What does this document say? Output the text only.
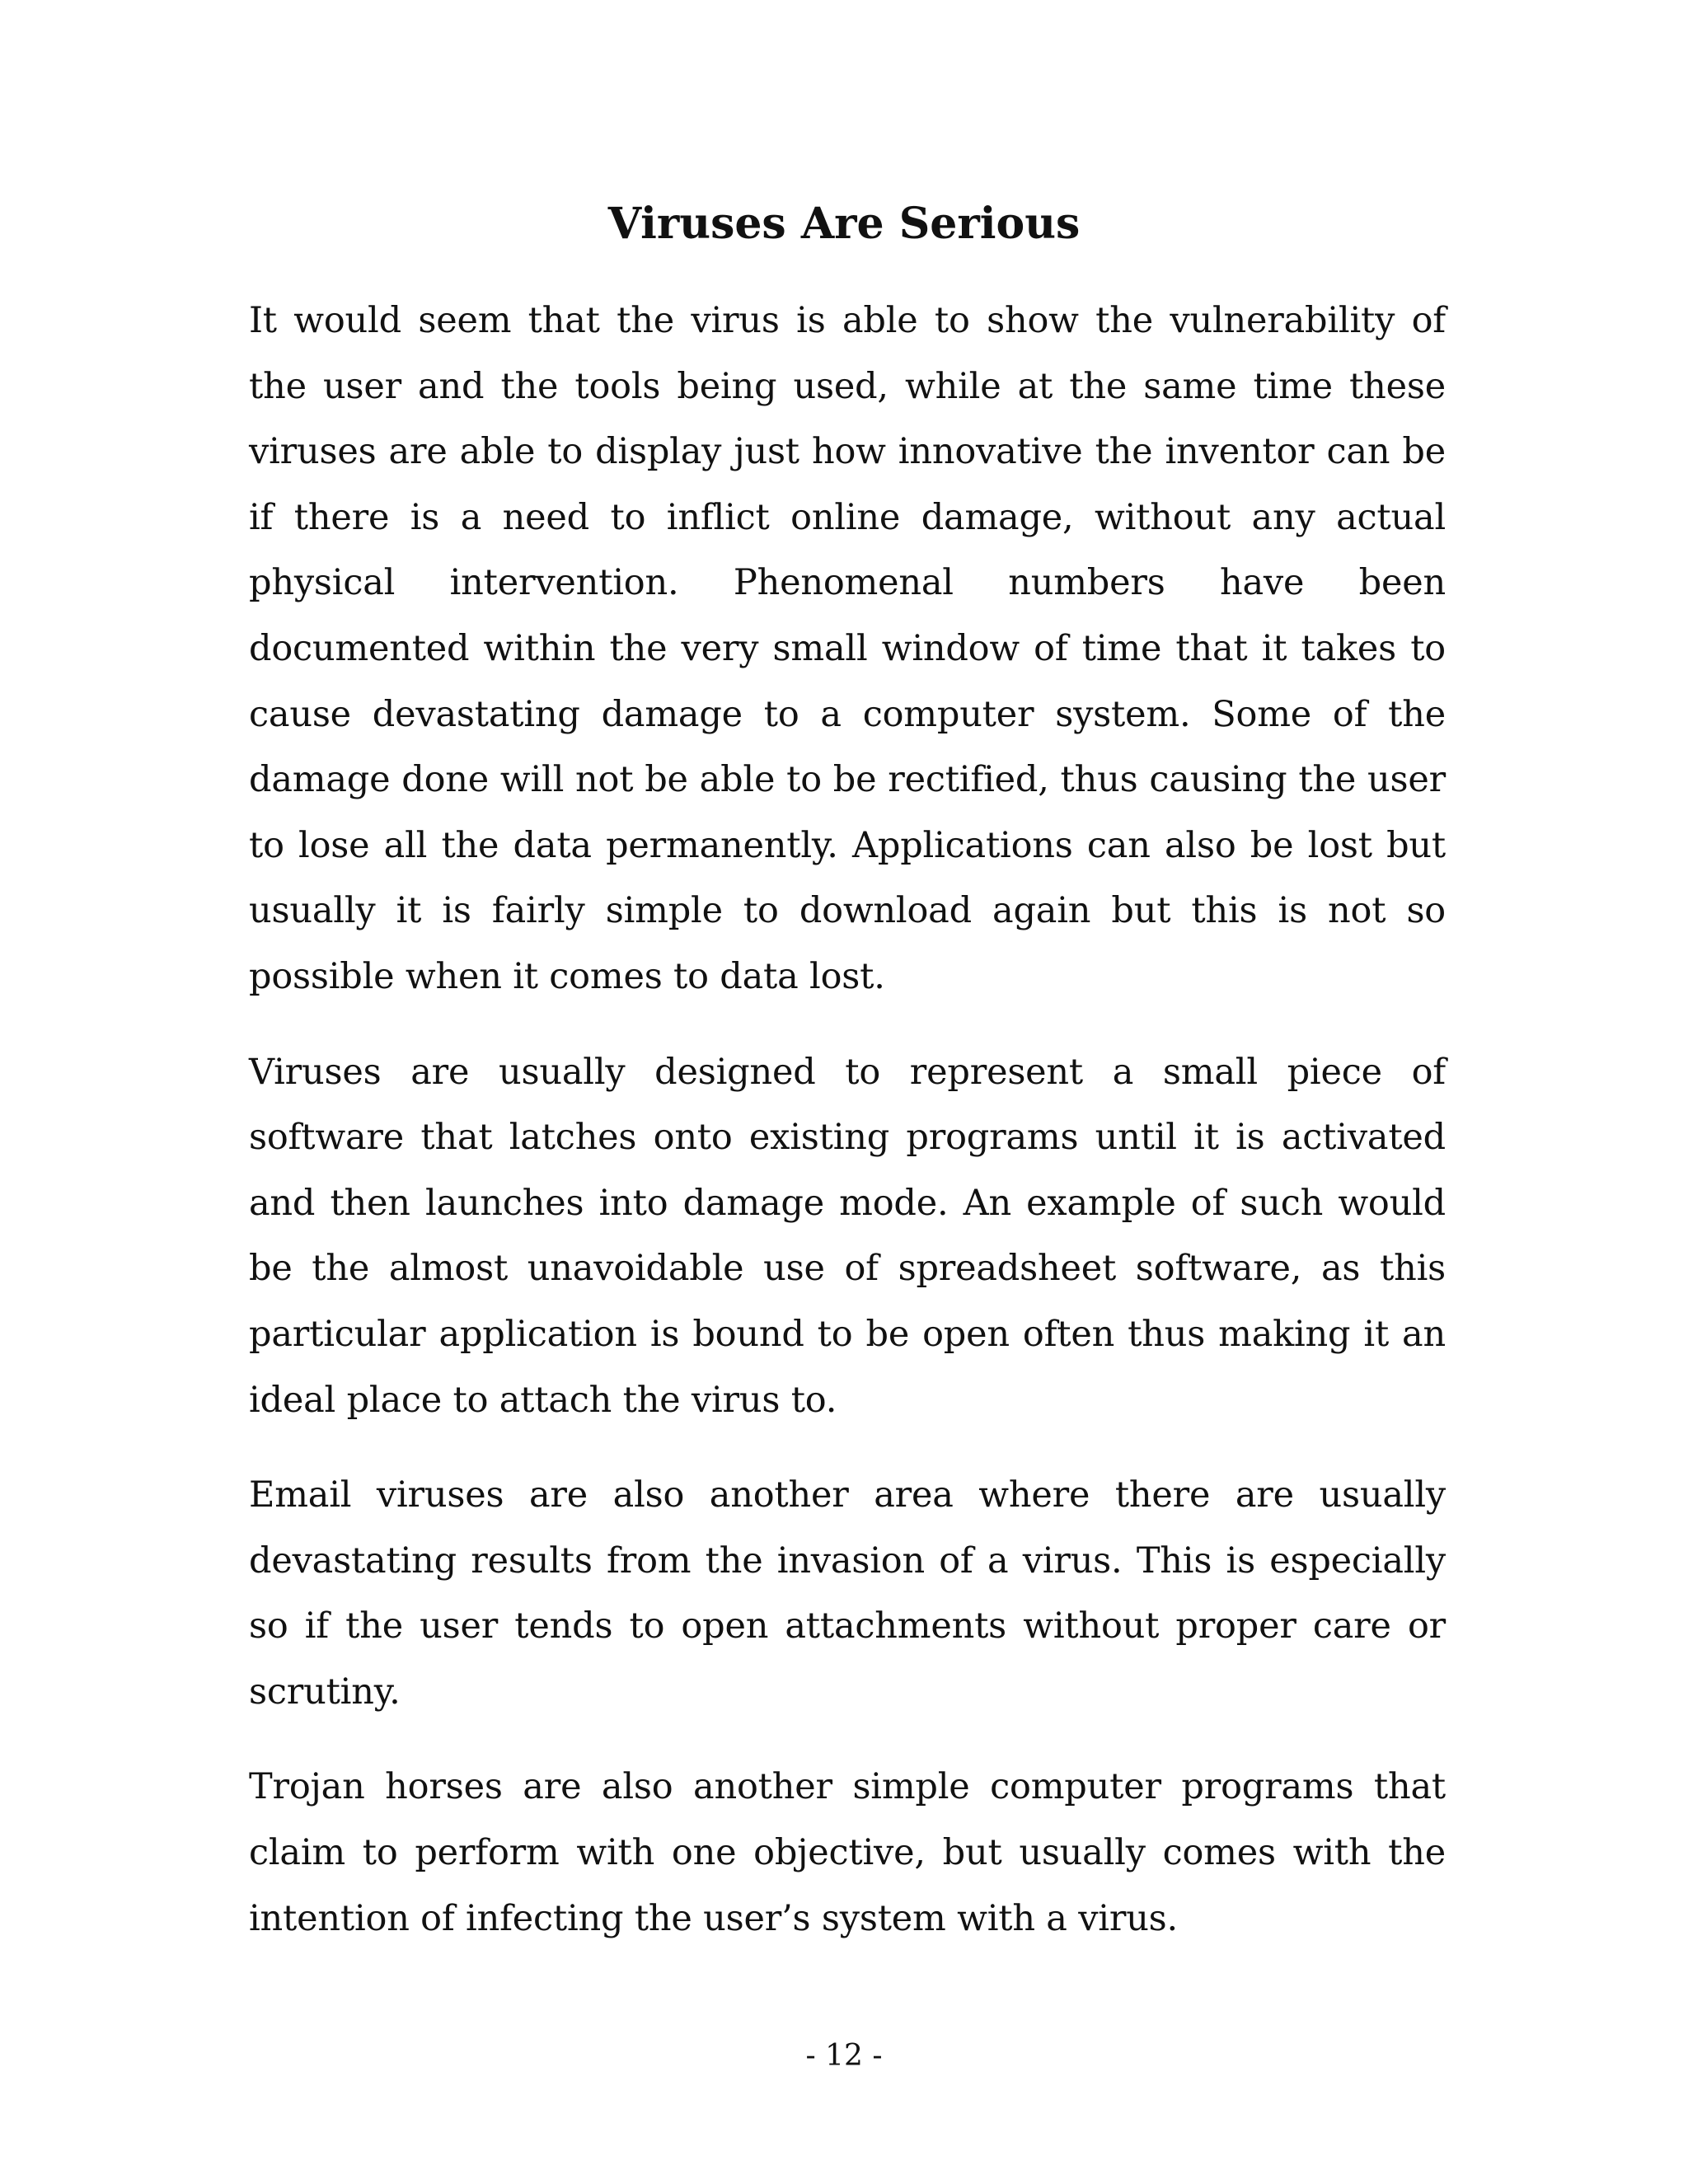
Viruses Are Serious

It would seem that the virus is able to show the vulnerability of the user and the tools being used, while at the same time these viruses are able to display just how innovative the inventor can be if there is a need to inflict online damage, without any actual physical intervention. Phenomenal numbers have been documented within the very small window of time that it takes to cause devastating damage to a computer system. Some of the damage done will not be able to be rectified, thus causing the user to lose all the data permanently. Applications can also be lost but usually it is fairly simple to download again but this is not so possible when it comes to data lost.

Viruses are usually designed to represent a small piece of software that latches onto existing programs until it is activated and then launches into damage mode. An example of such would be the almost unavoidable use of spreadsheet software, as this particular application is bound to be open often thus making it an ideal place to attach the virus to.

Email viruses are also another area where there are usually devastating results from the invasion of a virus. This is especially so if the user tends to open attachments without proper care or scrutiny.

Trojan horses are also another simple computer programs that claim to perform with one objective, but usually comes with the intention of infecting the user’s system with a virus.

- 12 -
